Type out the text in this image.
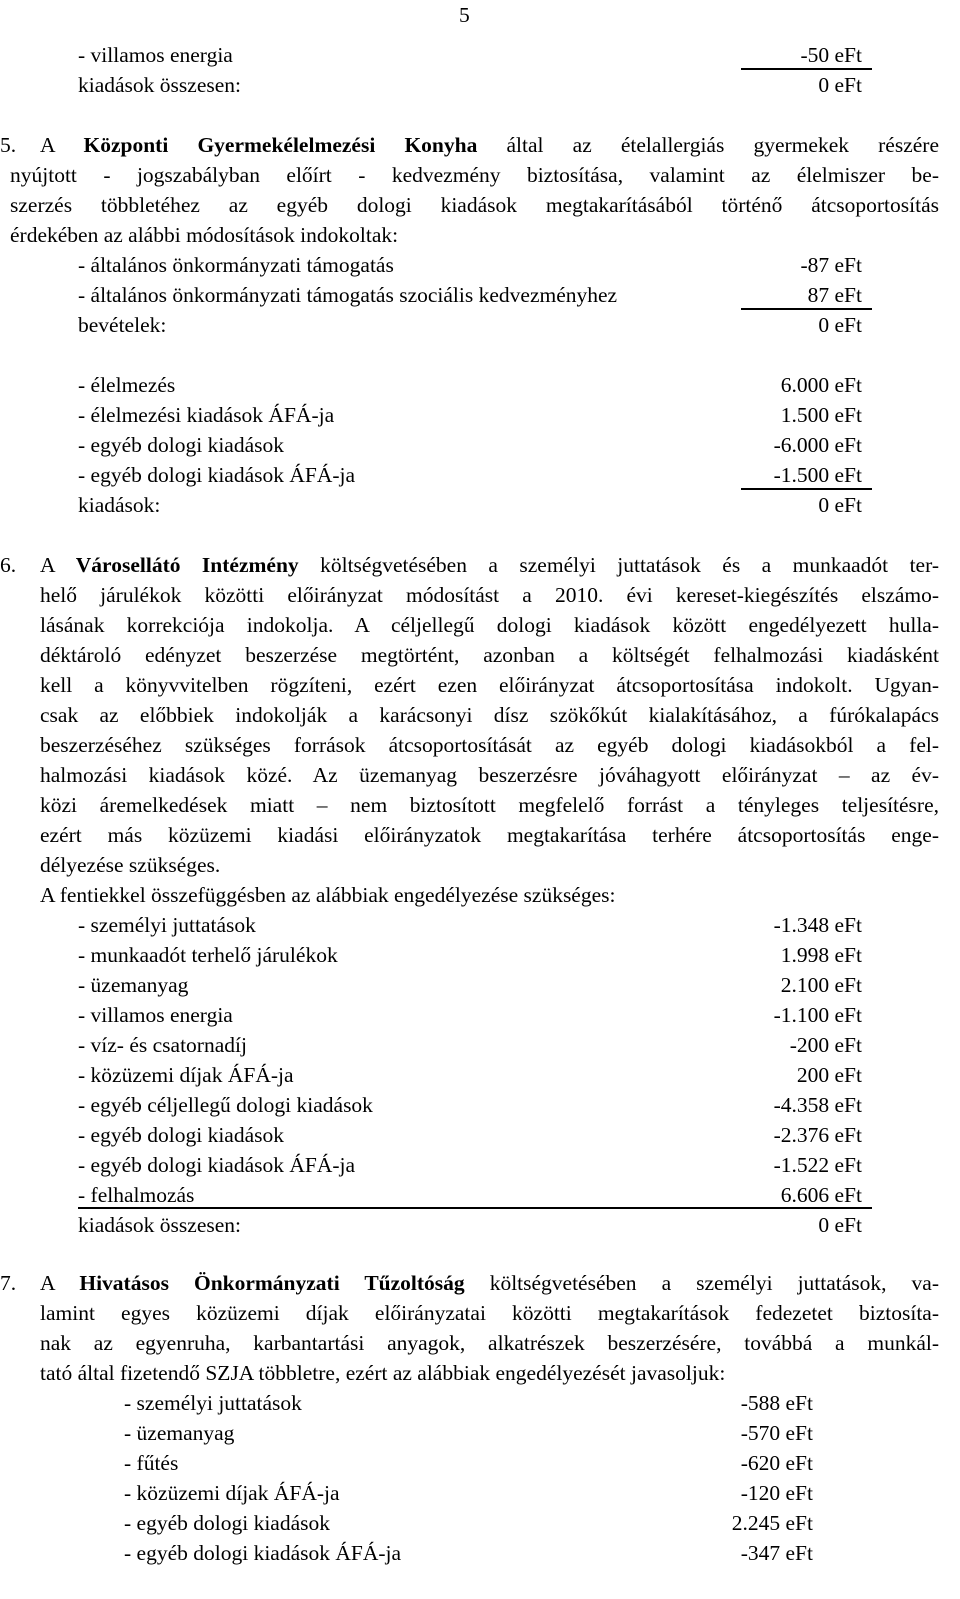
5
- villamos energia	-50 eFt
kiadások összesen:	0 eFt
5. A Központi Gyermekélelmezési Konyha által az ételallergiás gyermekek részére
nyújtott - jogszabályban előírt - kedvezmény biztosítása, valamint az élelmiszer be-
szerzés többletéhez az egyéb dologi kiadások megtakarításából történő átcsoportosítás
érdekében az alábbi módosítások indokoltak:
- általános önkormányzati támogatás	-87 eFt
- általános önkormányzati támogatás szociális kedvezményhez	87 eFt
bevételek:	0 eFt
- élelmezés	6.000 eFt
- élelmezési kiadások ÁFÁ-ja	1.500 eFt
- egyéb dologi kiadások	-6.000 eFt
- egyéb dologi kiadások ÁFÁ-ja	-1.500 eFt
kiadások:	0 eFt
6. A Városellátó Intézmény költségvetésében a személyi juttatások és a munkaadót ter-
helő járulékok közötti előirányzat módosítást a 2010. évi kereset-kiegészítés elszámo-
lásának korrekciója indokolja. A céljellegű dologi kiadások között engedélyezett hulla-
déktároló edényzet beszerzése megtörtént, azonban a költségét felhalmozási kiadásként
kell a könyvvitelben rögzíteni, ezért ezen előirányzat átcsoportosítása indokolt. Ugyan-
csak az előbbiek indokolják a karácsonyi dísz szökőkút kialakításához, a fúrókalapács
beszerzéséhez szükséges források átcsoportosítását az egyéb dologi kiadásokból a fel-
halmozási kiadások közé. Az üzemanyag beszerzésre jóváhagyott előirányzat – az év-
közi áremelkedések miatt – nem biztosított megfelelő forrást a tényleges teljesítésre,
ezért más közüzemi kiadási előirányzatok megtakarítása terhére átcsoportosítás enge-
délyezése szükséges.
A fentiekkel összefüggésben az alábbiak engedélyezése szükséges:
- személyi juttatások	-1.348 eFt
- munkaadót terhelő járulékok	1.998 eFt
- üzemanyag	2.100 eFt
- villamos energia	-1.100 eFt
- víz- és csatornadíj	-200 eFt
- közüzemi díjak ÁFÁ-ja	200 eFt
- egyéb céljellegű dologi kiadások	-4.358 eFt
- egyéb dologi kiadások	-2.376 eFt
- egyéb dologi kiadások ÁFÁ-ja	-1.522 eFt
- felhalmozás	6.606 eFt
kiadások összesen:	0 eFt
7. A Hivatásos Önkormányzati Tűzoltóság költségvetésében a személyi juttatások, va-
lamint egyes közüzemi díjak előirányzatai közötti megtakarítások fedezetet biztosíta-
nak az egyenruha, karbantartási anyagok, alkatrészek beszerzésére, továbbá a munkál-
tató által fizetendő SZJA többletre, ezért az alábbiak engedélyezését javasoljuk:
- személyi juttatások	-588 eFt
- üzemanyag	-570 eFt
- fűtés	-620 eFt
- közüzemi díjak ÁFÁ-ja	-120 eFt
- egyéb dologi kiadások	2.245 eFt
- egyéb dologi kiadások ÁFÁ-ja	-347 eFt
